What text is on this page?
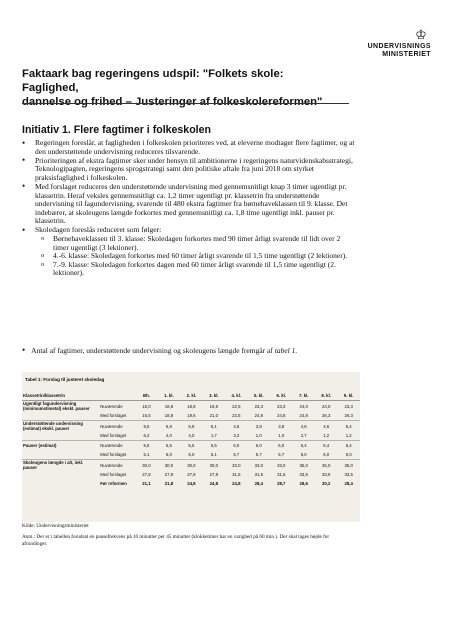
♔
UNDERVISNINGS
MINISTERIET
Faktaark bag regeringens udspil: "Folkets skole: Faglighed,
dannelse og frihed – Justeringer af folkeskolereformen"
Initiativ 1. Flere fagtimer i folkeskolen
• Regeringen foreslår, at fagligheden i folkeskolen prioriteres ved, at eleverne modtager flere fagtimer, og at den understøttende undervisning reduceres tilsvarende.
• Prioriteringen af ekstra fagtimer sker under hensyn til ambitionerne i regeringens naturvidenskabsstrategi, Teknologipagten, regeringens sprogstrategi samt den politiske aftale fra juni 2018 om styrket praksisfaglighed i folkeskolen.
• Med forslaget reduceres den understøttende undervisning med gennemsnitligt knap 3 timer ugentligt pr. klassetrin. Heraf veksles gennemsnitligt ca. 1,2 timer ugentligt pr. klassetrin fra understøttende undervisning til fagundervisning, svarende til 480 ekstra fagtimer fra børnehaveklassen til 9. klasse. Det indebærer, at skoleugens længde forkortes med gennemsnitligt ca. 1,8 time ugentligt inkl. pauser pr. klassetrin.
• Skoledagen foreslås reduceret som følger:
o Børnehaveklassen til 3. klasse: Skoledagen forkortes med 90 timer årligt svarende til lidt over 2 timer ugentligt (3 lektioner).
o 4.-6. klasse: Skoledagen forkortes med 60 timer årligt svarende til 1,5 time ugentligt (2 lektioner).
o 7.-9. klasse: Skoledagen forkortes dagen med 60 timer årligt svarende til 1,5 time ugentligt (2. lektioner).
• Antal af fagtimer, understøttende undervisning og skoleugens længde fremgår af tabel 1.
Tabel 1: Forslag til justeret skoledag
Klassetrin/klassetrin		Bh.	1. kl.	2. kl.	3. kl.	4. kl.	5. kl.	6. kl.	7. kl.	8. kl.	9. kl.
Ugentligt fagundervisning (minimumstimetal) ekskl. pauser	Nuværende	15,0	18,8	18,8	19,5	22,5	23,3	23,3	24,0	24,0	23,3
	Med forslaget	16,5	18,8	19,6	21,0	22,5	24,8	24,8	24,8	26,3	26,3
Understøttende undervisning (estimat) ekskl. pauser	Nuværende	9,5	5,8	5,8	5,1	4,5	3,8	3,8	4,6	4,6	5,4
	Med forslaget	6,2	4,0	4,0	1,7	3,3	1,0	1,0	2,7	1,2	1,2
Pauser (estimat)	Nuværende	5,5	5,5	5,5	5,5	6,0	6,0	6,0	6,4	6,4	6,4
	Med forslaget	5,1	5,0	5,0	5,1	5,7	5,7	5,7	6,0	6,0	6,0
Skoleugens længde i alt, inkl. pauser	Nuværende	30,0	30,0	30,0	30,0	33,0	33,0	33,0	35,0	35,0	35,0
	Med forslaget	27,8	27,8	27,8	27,8	31,5	31,5	31,5	33,5	33,5	33,5
	Før reformen	21,1	21,8	24,8	24,8	24,8	28,4	28,7	28,6	30,2	28,4
Kilde: Undervisningsministeriet
Anm.: Der er i tabellen forudsat en pausefrekvens på 10 minutter per 45 minutter (klokketimer har en varighed på 60 min.). Der skal tages højde for afrundinger.
